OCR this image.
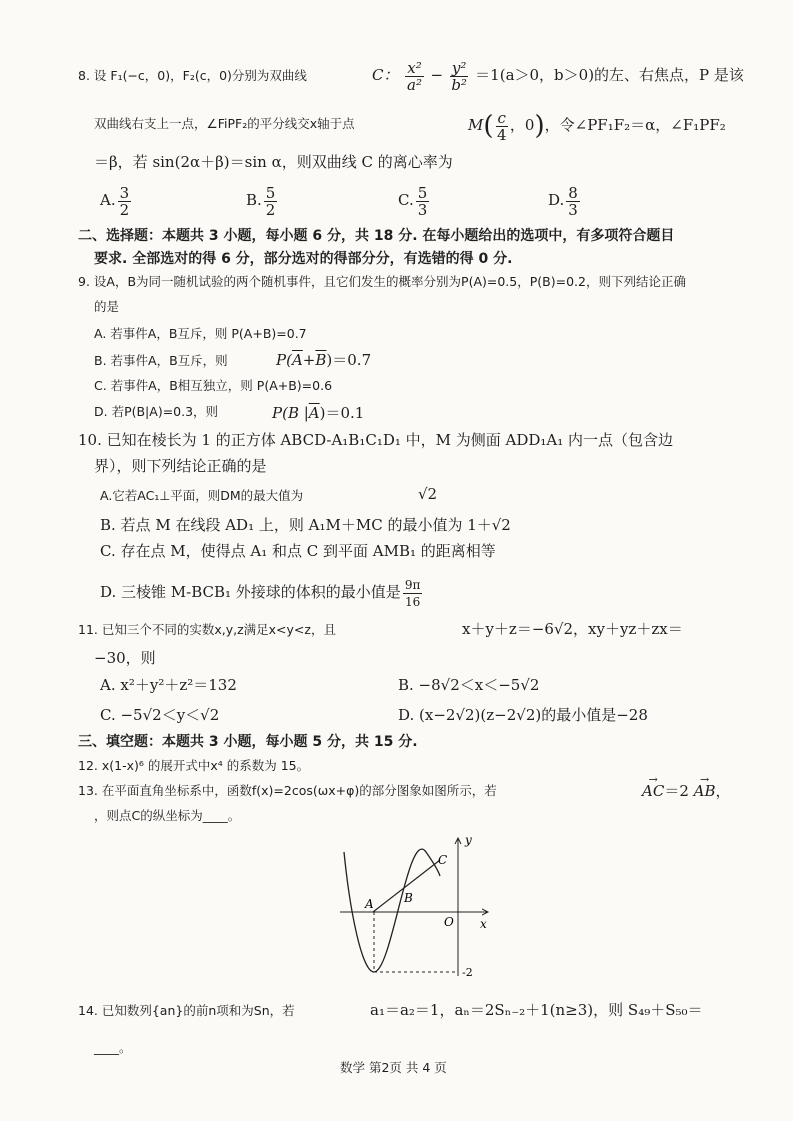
8. 设 F₁(−c，0)，F₂(c，0)分别为双曲线	C： $\frac{\text{x²}}{\text{a²}} - \frac{\text{y²}}{\text{b²}} =1(a>0$，b＞0)的左、右焦点，P 是该
双曲线右支上一点，∠FiPF₂的平分线交x轴于点	$M( \frac{c}{4}$ ，0)，令∠PF₁F₂＝α，∠F₁PF₂
＝β，若 sin(2α＋β)＝sin α，则双曲线 C 的离心率为
A. $\frac{3}{2}$	B. $\frac{5}{2}$	C. $\frac{5}{3}$	D. $\frac{8}{3}$
二、选择题：本题共 3 小题，每小题 6 分，共 18 分. 在每小题给出的选项中，有多项符合题目
要求. 全部选对的得 6 分，部分选对的得部分分，有选错的得 0 分.
9. 设A，B为同一随机试验的两个随机事件，且它们发生的概率分别为P(A)=0.5，P(B)=0.2，则下列结论正确
的是
A. 若事件A，B互斥，则 P(A+B)=0.7
B. 若事件A，B互斥，则	$P(\overline{A}+\overline{B})=0.7$
C. 若事件A，B相互独立，则 P(A+B)=0.6
D. 若P(B|A)=0.3，则	P(B $|\overline{A})=0.1$
10. 已知在棱长为 1 的正方体 ABCD-A₁B₁C₁D₁ 中，M 为侧面 ADD₁A₁ 内一点（包含边
界），则下列结论正确的是
A.它若AC₁⊥平面，则DM的最大值为	√2
B. 若点 M 在线段 AD₁ 上，则 A₁M＋MC 的最小值为 1＋√2
C. 存在点 M，使得点 A₁ 和点 C 到平面 AMB₁ 的距离相等
D. 三棱锥 M-BCB₁ 外接球的体积的最小值是 $\frac{9\pi}{16}$
11. 已知三个不同的实数x,y,z满足x<y<z，且	x＋y＋z＝−6√2，xy＋yz＋zx＝
−30，则
A. x²＋y²＋z²＝132	B. −8√2＜x＜−5√2
C. −5√2＜y＜√2	D. (x−2√2)(z−2√2)的最小值是−28
三、填空题：本题共 3 小题，每小题 5 分，共 15 分.
12. x(1-x)⁶ 的展开式中x⁴ 的系数为 15。
13. 在平面直角坐标系中，函数f(x)=2cos(ωx+φ)的部分图象如图所示，若	→ AC＝2 → AB，
，则点C的纵坐标为____。
y
x
O
A	B
C
-2
14. 已知数列{an}的前n项和为Sn，若	a₁＝a₂＝1，aₙ＝2Sₙ₋₂＋1(n≥3)，则 S₄₉＋S₅₀＝
____。
数学 第2页 共 4 页
